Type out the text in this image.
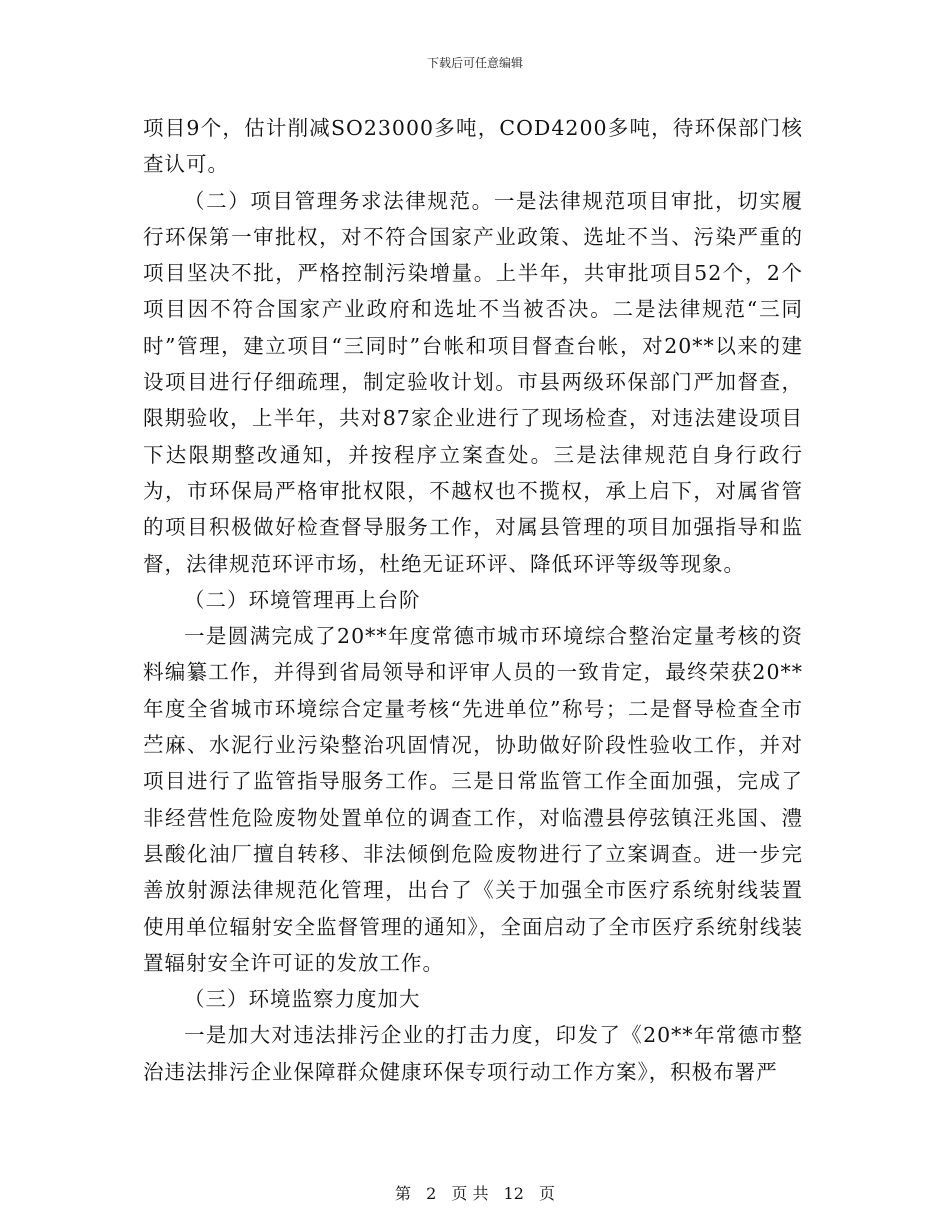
下载后可任意编辑

项目9个，估计削减SO23000多吨，COD4200多吨，待环保部门核查认可。

（二）项目管理务求法律规范。一是法律规范项目审批，切实履行环保第一审批权，对不符合国家产业政策、选址不当、污染严重的项目坚决不批，严格控制污染增量。上半年，共审批项目52个，2个项目因不符合国家产业政府和选址不当被否决。二是法律规范“三同时”管理，建立项目“三同时”台帐和项目督查台帐，对20**以来的建设项目进行仔细疏理，制定验收计划。市县两级环保部门严加督查，限期验收，上半年，共对87家企业进行了现场检查，对违法建设项目下达限期整改通知，并按程序立案查处。三是法律规范自身行政行为，市环保局严格审批权限，不越权也不揽权，承上启下，对属省管的项目积极做好检查督导服务工作，对属县管理的项目加强指导和监督，法律规范环评市场，杜绝无证环评、降低环评等级等现象。

（二）环境管理再上台阶

一是圆满完成了20**年度常德市城市环境综合整治定量考核的资料编纂工作，并得到省局领导和评审人员的一致肯定，最终荣获20**年度全省城市环境综合定量考核“先进单位”称号；二是督导检查全市苎麻、水泥行业污染整治巩固情况，协助做好阶段性验收工作，并对项目进行了监管指导服务工作。三是日常监管工作全面加强，完成了非经营性危险废物处置单位的调查工作，对临澧县停弦镇汪兆国、澧县酸化油厂擅自转移、非法倾倒危险废物进行了立案调查。进一步完善放射源法律规范化管理，出台了《关于加强全市医疗系统射线装置使用单位辐射安全监督管理的通知》，全面启动了全市医疗系统射线装置辐射安全许可证的发放工作。

（三）环境监察力度加大

一是加大对违法排污企业的打击力度，印发了《20**年常德市整治违法排污企业保障群众健康环保专项行动工作方案》，积极布署严

第 2 页 共 12 页
